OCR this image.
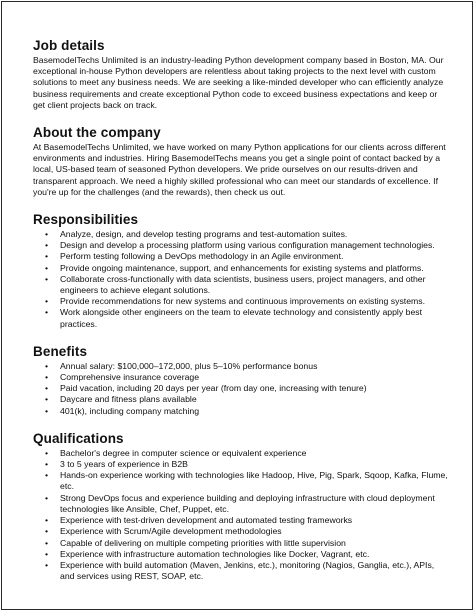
Job details

BasemodelTechs Unlimited is an industry-leading Python development company based in Boston, MA. Our exceptional in-house Python developers are relentless about taking projects to the next level with custom solutions to meet any business needs. We are seeking a like-minded developer who can efficiently analyze business requirements and create exceptional Python code to exceed business expectations and keep or get client projects back on track.

About the company

At BasemodelTechs Unlimited, we have worked on many Python applications for our clients across different environments and industries. Hiring BasemodelTechs means you get a single point of contact backed by a local, US-based team of seasoned Python developers. We pride ourselves on our results-driven and transparent approach. We need a highly skilled professional who can meet our standards of excellence. If you're up for the challenges (and the rewards), then check us out.

Responsibilities
• Analyze, design, and develop testing programs and test-automation suites.
• Design and develop a processing platform using various configuration management technologies.
• Perform testing following a DevOps methodology in an Agile environment.
• Provide ongoing maintenance, support, and enhancements for existing systems and platforms.
• Collaborate cross-functionally with data scientists, business users, project managers, and other engineers to achieve elegant solutions.
• Provide recommendations for new systems and continuous improvements on existing systems.
• Work alongside other engineers on the team to elevate technology and consistently apply best practices.
Benefits
• Annual salary: $100,000–172,000, plus 5–10% performance bonus
• Comprehensive insurance coverage
• Paid vacation, including 20 days per year (from day one, increasing with tenure)
• Daycare and fitness plans available
• 401(k), including company matching
Qualifications
• Bachelor's degree in computer science or equivalent experience
• 3 to 5 years of experience in B2B
• Hands-on experience working with technologies like Hadoop, Hive, Pig, Spark, Sqoop, Kafka, Flume, etc.
• Strong DevOps focus and experience building and deploying infrastructure with cloud deployment technologies like Ansible, Chef, Puppet, etc.
• Experience with test-driven development and automated testing frameworks
• Experience with Scrum/Agile development methodologies
• Capable of delivering on multiple competing priorities with little supervision
• Experience with infrastructure automation technologies like Docker, Vagrant, etc.
• Experience with build automation (Maven, Jenkins, etc.), monitoring (Nagios, Ganglia, etc.), APIs, and services using REST, SOAP, etc.
